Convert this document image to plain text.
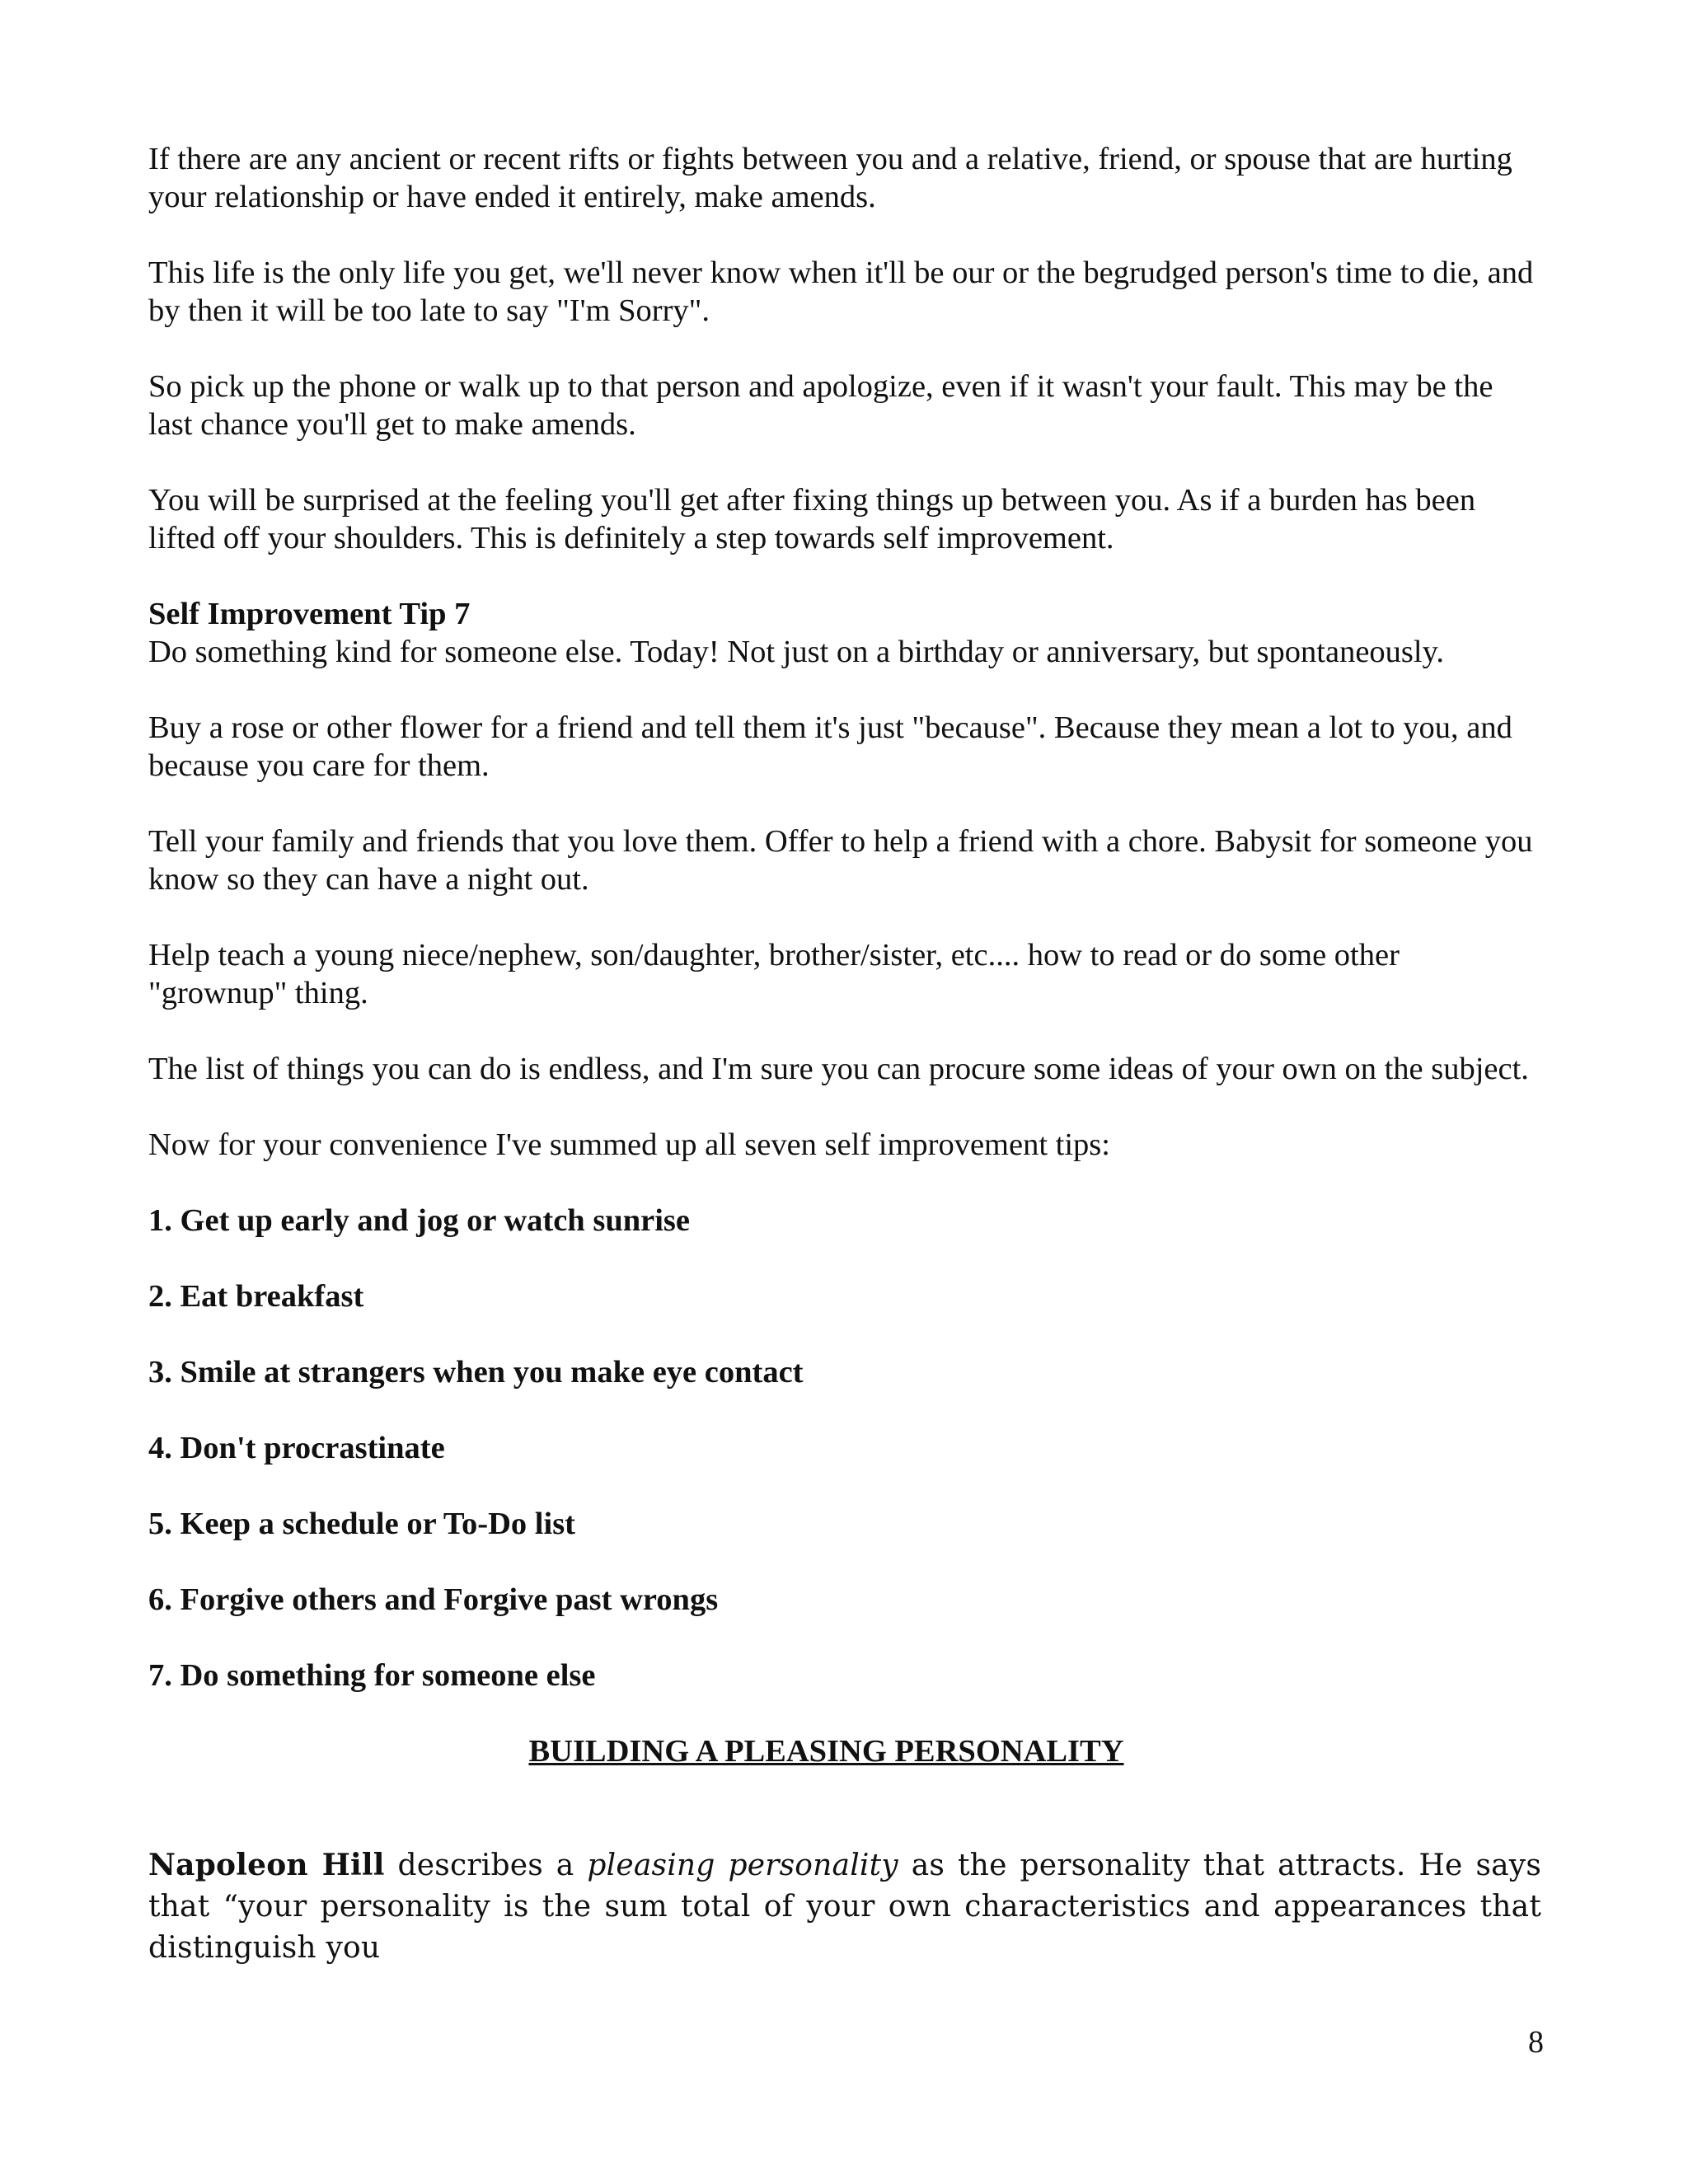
If there are any ancient or recent rifts or fights between you and a relative, friend, or spouse that are hurting your relationship or have ended it entirely, make amends.

This life is the only life you get, we'll never know when it'll be our or the begrudged person's time to die, and by then it will be too late to say "I'm Sorry".

So pick up the phone or walk up to that person and apologize, even if it wasn't your fault. This may be the last chance you'll get to make amends.

You will be surprised at the feeling you'll get after fixing things up between you. As if a burden has been lifted off your shoulders. This is definitely a step towards self improvement.

Self Improvement Tip 7
Do something kind for someone else. Today! Not just on a birthday or anniversary, but spontaneously.

Buy a rose or other flower for a friend and tell them it's just "because". Because they mean a lot to you, and because you care for them.

Tell your family and friends that you love them. Offer to help a friend with a chore. Babysit for someone you know so they can have a night out.

Help teach a young niece/nephew, son/daughter, brother/sister, etc.... how to read or do some other "grownup" thing.

The list of things you can do is endless, and I'm sure you can procure some ideas of your own on the subject.

Now for your convenience I've summed up all seven self improvement tips:

1. Get up early and jog or watch sunrise
2. Eat breakfast
3. Smile at strangers when you make eye contact
4. Don't procrastinate
5. Keep a schedule or To-Do list
6. Forgive others and Forgive past wrongs
7. Do something for someone else
BUILDING A PLEASING PERSONALITY

Napoleon Hill describes a pleasing personality as the personality that attracts. He says that “your personality is the sum total of your own characteristics and appearances that distinguish you

8
